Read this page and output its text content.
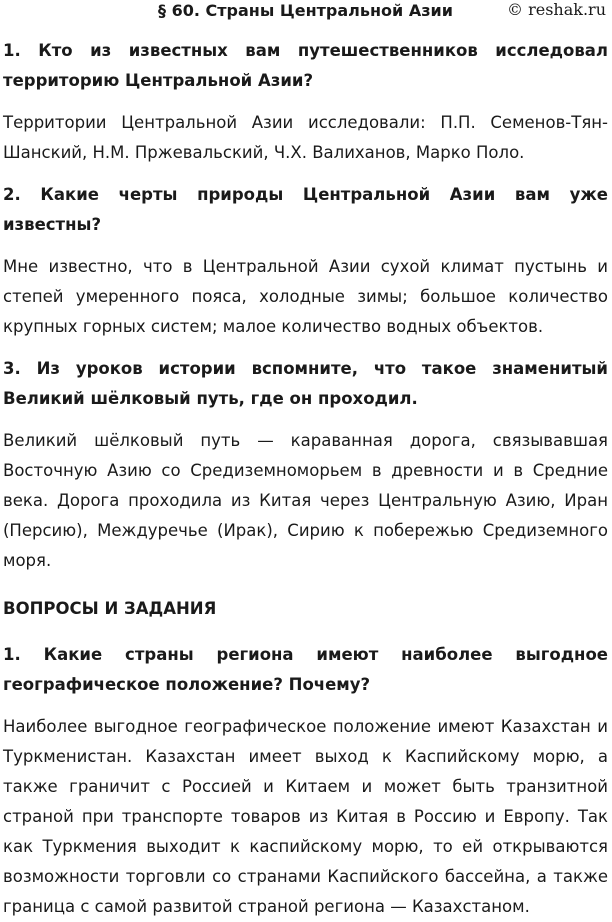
§ 60. Страны Центральной Азии	© reshak.ru

1. Кто из известных вам путешественников исследовал территорию Центральной Азии?

Территории Центральной Азии исследовали: П.П. Семенов-Тян-Шанский, Н.М. Пржевальский, Ч.Х. Валиханов, Марко Поло.

2. Какие черты природы Центральной Азии вам уже известны?

Мне известно, что в Центральной Азии сухой климат пустынь и степей умеренного пояса, холодные зимы; большое количество крупных горных систем; малое количество водных объектов.

3. Из уроков истории вспомните, что такое знаменитый Великий шёлковый путь, где он проходил.

Великий шёлковый путь — караванная дорога, связывавшая Восточную Азию со Средиземноморьем в древности и в Средние века. Дорога проходила из Китая через Центральную Азию, Иран (Персию), Междуречье (Ирак), Сирию к побережью Средиземного моря.

ВОПРОСЫ И ЗАДАНИЯ

1. Какие страны региона имеют наиболее выгодное географическое положение? Почему?

Наиболее выгодное географическое положение имеют Казахстан и Туркменистан. Казахстан имеет выход к Каспийскому морю, а также граничит с Россией и Китаем и может быть транзитной страной при транспорте товаров из Китая в Россию и Европу. Так как Туркмения выходит к каспийскому морю, то ей открываются возможности торговли со странами Каспийского бассейна, а также граница с самой развитой страной региона — Казахстаном.
